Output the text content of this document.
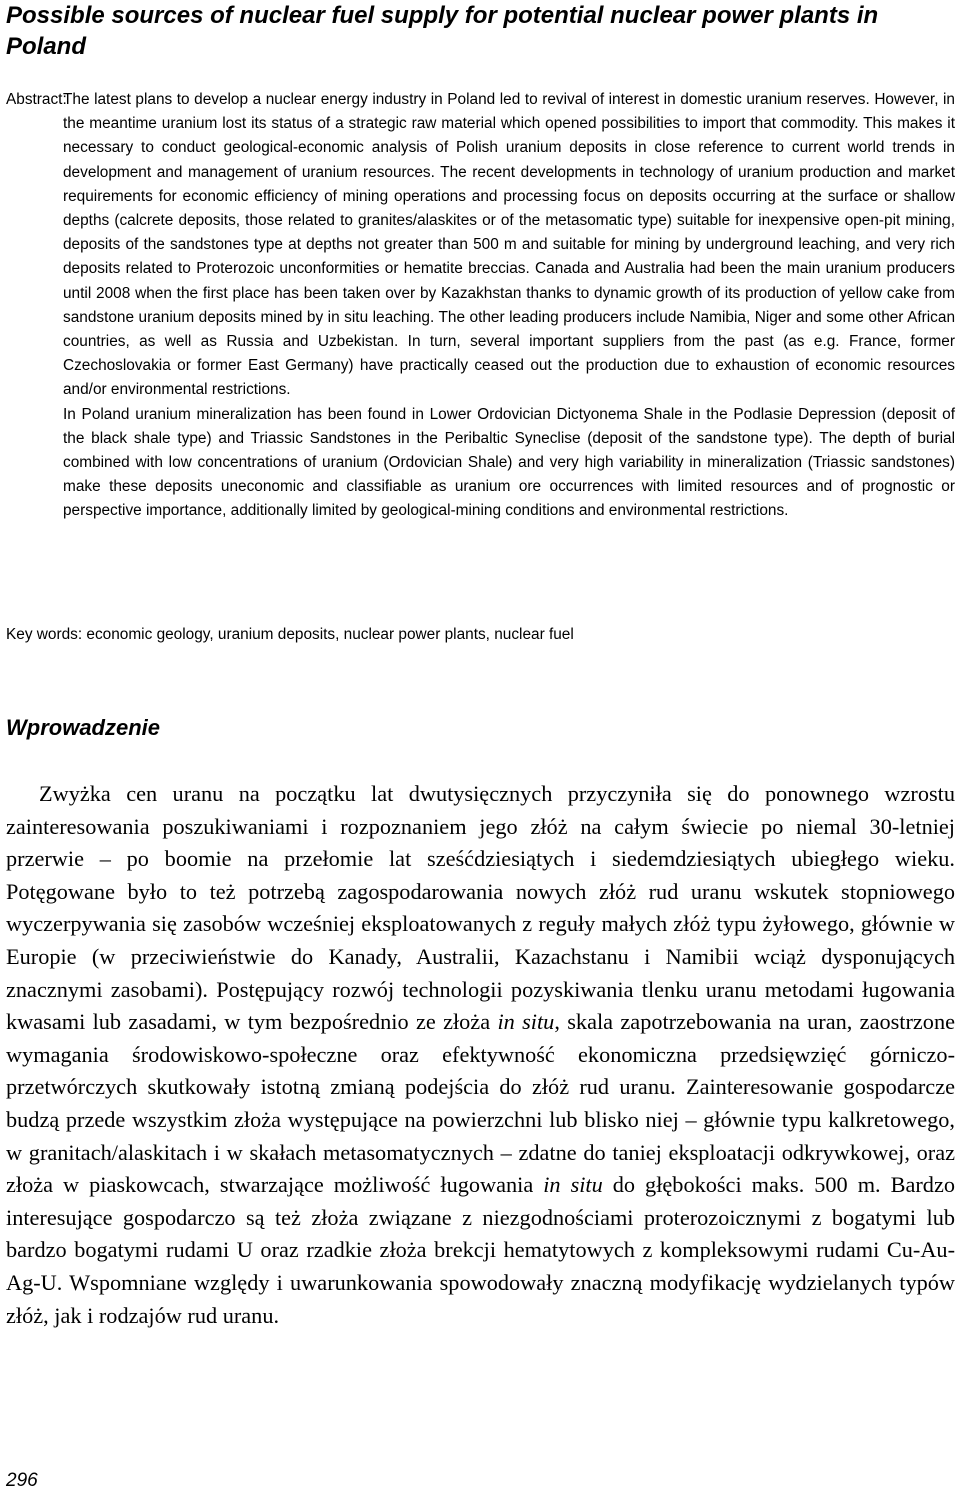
Possible sources of nuclear fuel supply for potential nuclear power plants in Poland
Abstract:

The latest plans to develop a nuclear energy industry in Poland led to revival of interest in domestic uranium reserves. However, in the meantime uranium lost its status of a strategic raw material which opened possibilities to import that commodity. This makes it necessary to conduct geological-economic analysis of Polish uranium deposits in close reference to current world trends in development and management of uranium resources. The recent developments in technology of uranium production and market requirements for economic efficiency of mining operations and processing focus on deposits occurring at the surface or shallow depths (calcrete deposits, those related to granites/alaskites or of the metasomatic type) suitable for inexpensive open-pit mining, deposits of the sandstones type at depths not greater than 500 m and suitable for mining by underground leaching, and very rich deposits related to Proterozoic unconformities or hematite breccias. Canada and Australia had been the main uranium producers until 2008 when the first place has been taken over by Kazakhstan thanks to dynamic growth of its production of yellow cake from sandstone uranium deposits mined by in situ leaching. The other leading producers include Namibia, Niger and some other African countries, as well as Russia and Uzbekistan. In turn, several important suppliers from the past (as e.g. France, former Czechoslovakia or former East Germany) have practically ceased out the production due to exhaustion of economic resources and/or environmental restrictions.

In Poland uranium mineralization has been found in Lower Ordovician Dictyonema Shale in the Podlasie Depression (deposit of the black shale type) and Triassic Sandstones in the Peribaltic Syneclise (deposit of the sandstone type). The depth of burial combined with low concentrations of uranium (Ordovician Shale) and very high variability in mineralization (Triassic sandstones) make these deposits uneconomic and classifiable as uranium ore occurrences with limited resources and of prognostic or perspective importance, additionally limited by geological-mining conditions and environmental restrictions.

Key words: economic geology, uranium deposits, nuclear power plants, nuclear fuel
Wprowadzenie

Zwyżka cen uranu na początku lat dwutysięcznych przyczyniła się do ponownego wzrostu zainteresowania poszukiwaniami i rozpoznaniem jego złóż na całym świecie po niemal 30-letniej przerwie – po boomie na przełomie lat sześćdziesiątych i siedemdziesiątych ubiegłego wieku. Potęgowane było to też potrzebą zagospodarowania nowych złóż rud uranu wskutek stopniowego wyczerpywania się zasobów wcześniej eksploatowanych z reguły małych złóż typu żyłowego, głównie w Europie (w przeciwieństwie do Kanady, Australii, Kazachstanu i Namibii wciąż dysponujących znacznymi zasobami). Postępujący rozwój technologii pozyskiwania tlenku uranu metodami ługowania kwasami lub zasadami, w tym bezpośrednio ze złoża in situ, skala zapotrzebowania na uran, zaostrzone wymagania środowiskowo-społeczne oraz efektywność ekonomiczna przedsięwzięć górniczo-przetwórczych skutkowały istotną zmianą podejścia do złóż rud uranu. Zainteresowanie gospodarcze budzą przede wszystkim złoża występujące na powierzchni lub blisko niej – głównie typu kalkretowego, w granitach/alaskitach i w skałach metasomatycznych – zdatne do taniej eksploatacji odkrywkowej, oraz złoża w piaskowcach, stwarzające możliwość ługowania in situ do głębokości maks. 500 m. Bardzo interesujące gospodarczo są też złoża związane z niezgodnościami proterozoicznymi z bogatymi lub bardzo bogatymi rudami U oraz rzadkie złoża brekcji hematytowych z kompleksowymi rudami Cu-Au-Ag-U. Wspomniane względy i uwarunkowania spowodowały znaczną modyfikację wydzielanych typów złóż, jak i rodzajów rud uranu.

296
